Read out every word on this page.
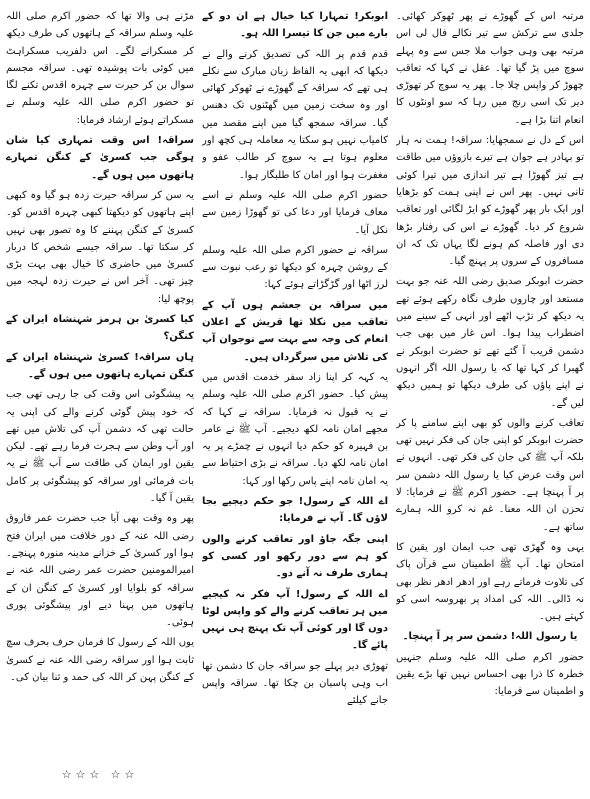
مرتبہ اس کے گھوڑے نے پھر ٹھوکر کھائی۔ جلدی سے ترکش سے تیر نکالے فال لی اس مرتبہ بھی وہی جواب ملا جس سے وہ پہلے سوچ میں پڑ گیا تھا۔ عقل نے کہا کہ تعاقب چھوڑ کر واپس چلا جا۔ پھر یہ سوچ کر تھوڑی دیر تک اسی رنج میں رہا کہ سو اونٹوں کا انعام اتنا بڑا ہے۔

اس کے دل نے سمجھایا: سراقہ! ہمت نہ ہار تو بہادر ہے جوان ہے تیرے بازوؤں میں طاقت ہے تیز گھوڑا ہے تیر اندازی میں تیرا کوئی ثانی نہیں۔ پھر اس نے اپنی ہمت کو بڑھایا اور ایک بار پھر گھوڑے کو ایڑ لگائی اور تعاقب شروع کر دیا۔ گھوڑے نے اس کی رفتار بڑھا دی اور فاصلہ کم ہونے لگا یہاں تک کہ ان مسافروں کے سروں پر پہنچ گیا۔

حضرت ابوبکر صدیق رضی اللہ عنہ جو بہت مستعد اور چاروں طرف نگاہ رکھے ہوئے تھے یہ دیکھ کر تڑپ اٹھے اور انہی کے سینے میں اضطراب پیدا ہوا۔ اس غار میں بھی جب دشمن قریب آ گئے تھے تو حضرت ابوبکر نے گھبرا کر کہا تھا کہ یا رسول اللہ اگر انہوں نے اپنے پاؤں کی طرف دیکھا تو ہمیں دیکھ لیں گے۔

تعاقب کرنے والوں کو بھی اپنے سامنے پا کر حضرت ابوبکر کو اپنی جان کی فکر نہیں تھی بلکہ آپ ﷺ کی جان کی فکر تھی۔ انہوں نے اس وقت عرض کیا یا رسول اللہ دشمن سر پر آ پہنچا ہے۔ حضور اکرم ﷺ نے فرمایا: لا تحزن ان اللہ معنا۔ غم نہ کرو اللہ ہمارے ساتھ ہے۔

یہی وہ گھڑی تھی جب ایمان اور یقین کا امتحان تھا۔ آپ ﷺ اطمینان سے قرآن پاک کی تلاوت فرماتے رہے اور ادھر ادھر نظر بھی نہ ڈالی۔ اللہ کی امداد پر بھروسہ اسی کو کہتے ہیں۔

یا رسول اللہ! دشمن سر پر آ پہنچا۔

حضور اکرم صلی اللہ علیہ وسلم جنہیں خطرہ کا ذرا بھی احساس نہیں تھا بڑے یقین و اطمینان سے فرمایا:

ابوبکر! تمہارا کیا خیال ہے ان دو کے بارے میں جن کا تیسرا اللہ ہو۔

قدم قدم پر اللہ کی تصدیق کرنے والے نے دیکھا کہ ابھی یہ الفاظ زبان مبارک سے نکلے ہی تھے کہ سراقہ کے گھوڑے نے ٹھوکر کھائی اور وہ سخت زمین میں گھٹنوں تک دھنس گیا۔ سراقہ سمجھ گیا میں اپنے مقصد میں کامیاب نہیں ہو سکتا یہ معاملہ ہی کچھ اور معلوم ہوتا ہے یہ سوچ کر طالب عفو و مغفرت ہوا اور امان کا طلبگار ہوا۔

حضور اکرم صلی اللہ علیہ وسلم نے اسے معاف فرمایا اور دعا کی تو گھوڑا زمین سے نکل آیا۔

سراقہ نے حضور اکرم صلی اللہ علیہ وسلم کے روشن چہرہ کو دیکھا تو رعب نبوت سے لرز اٹھا اور گڑگڑاتے ہوئے کہا:

میں سراقہ بن جعشم ہوں آپ کے تعاقب میں نکلا تھا قریش کے اعلان انعام کی وجہ سے بہت سے نوجوان آپ کی تلاش میں سرگرداں ہیں۔

یہ کہہ کر اپنا زاد سفر خدمت اقدس میں پیش کیا۔ حضور اکرم صلی اللہ علیہ وسلم نے یہ قبول نہ فرمایا۔ سراقہ نے کہا کہ مجھے امان نامہ لکھ دیجیے۔ آپ ﷺ نے عامر بن فہیرہ کو حکم دیا انہوں نے چمڑے پر یہ امان نامہ لکھ دیا۔ سراقہ نے بڑی احتیاط سے یہ امان نامہ اپنے پاس رکھا اور کہا:

اے اللہ کے رسول! جو حکم دیجیے بجا لاؤں گا۔ آپ نے فرمایا:

اپنی جگہ جاؤ اور تعاقب کرنے والوں کو ہم سے دور رکھو اور کسی کو ہماری طرف نہ آنے دو۔

اے اللہ کے رسول! آپ فکر نہ کیجیے میں ہر تعاقب کرنے والے کو واپس لوٹا دوں گا اور کوئی آپ تک پہنچ ہی نہیں پائے گا۔

تھوڑی دیر پہلے جو سراقہ جان کا دشمن تھا اب وہی پاسبان بن چکا تھا۔ سراقہ واپس جانے کیلئے

مڑنے ہی والا تھا کہ حضور اکرم صلی اللہ علیہ وسلم سراقہ کے ہاتھوں کی طرف دیکھ کر مسکرانے لگے۔ اس دلفریب مسکراہٹ میں کوئی بات پوشیدہ تھی۔ سراقہ مجسم سوال بن کر حیرت سے چہرہ اقدس تکنے لگا تو حضور اکرم صلی اللہ علیہ وسلم نے مسکراتے ہوئے ارشاد فرمایا:

سراقہ! اس وقت تمہاری کیا شان ہوگی جب کسریٰ کے کنگن تمہارے ہاتھوں میں ہوں گے۔

یہ سن کر سراقہ حیرت زدہ ہو گیا وہ کبھی اپنے ہاتھوں کو دیکھتا کبھی چہرہ اقدس کو۔ کسریٰ کے کنگن پہننے کا وہ تصور بھی نہیں کر سکتا تھا۔ سراقہ جیسے شخص کا دربار کسریٰ میں حاضری کا خیال بھی بہت بڑی چیز تھی۔ آخر اس نے حیرت زدہ لہجہ میں پوچھ لیا:

کیا کسریٰ بن ہرمز شہنشاہ ایران کے کنگن؟

ہاں سراقہ! کسریٰ شہنشاہ ایران کے کنگن تمہارے ہاتھوں میں ہوں گے۔

یہ پیشگوئی اس وقت کی جا رہی تھی جب کہ خود پیش گوئی کرنے والے کی اپنی یہ حالت تھی کہ دشمن آپ کی تلاش میں تھے اور آپ وطن سے ہجرت فرما رہے تھے۔ لیکن یقین اور ایمان کی طاقت سے آپ ﷺ نے یہ بات فرمائی اور سراقہ کو پیشگوئی پر کامل یقین آ گیا۔

پھر وہ وقت بھی آیا جب حضرت عمر فاروق رضی اللہ عنہ کے دور خلافت میں ایران فتح ہوا اور کسریٰ کے خزانے مدینہ منورہ پہنچے۔ امیرالمومنین حضرت عمر رضی اللہ عنہ نے سراقہ کو بلوایا اور کسریٰ کے کنگن ان کے ہاتھوں میں پہنا دیے اور پیشگوئی پوری ہوئی۔

یوں اللہ کے رسول کا فرمان حرف بحرف سچ ثابت ہوا اور سراقہ رضی اللہ عنہ نے کسریٰ کے کنگن پہن کر اللہ کی حمد و ثنا بیان کی۔

☆☆☆ ☆☆
